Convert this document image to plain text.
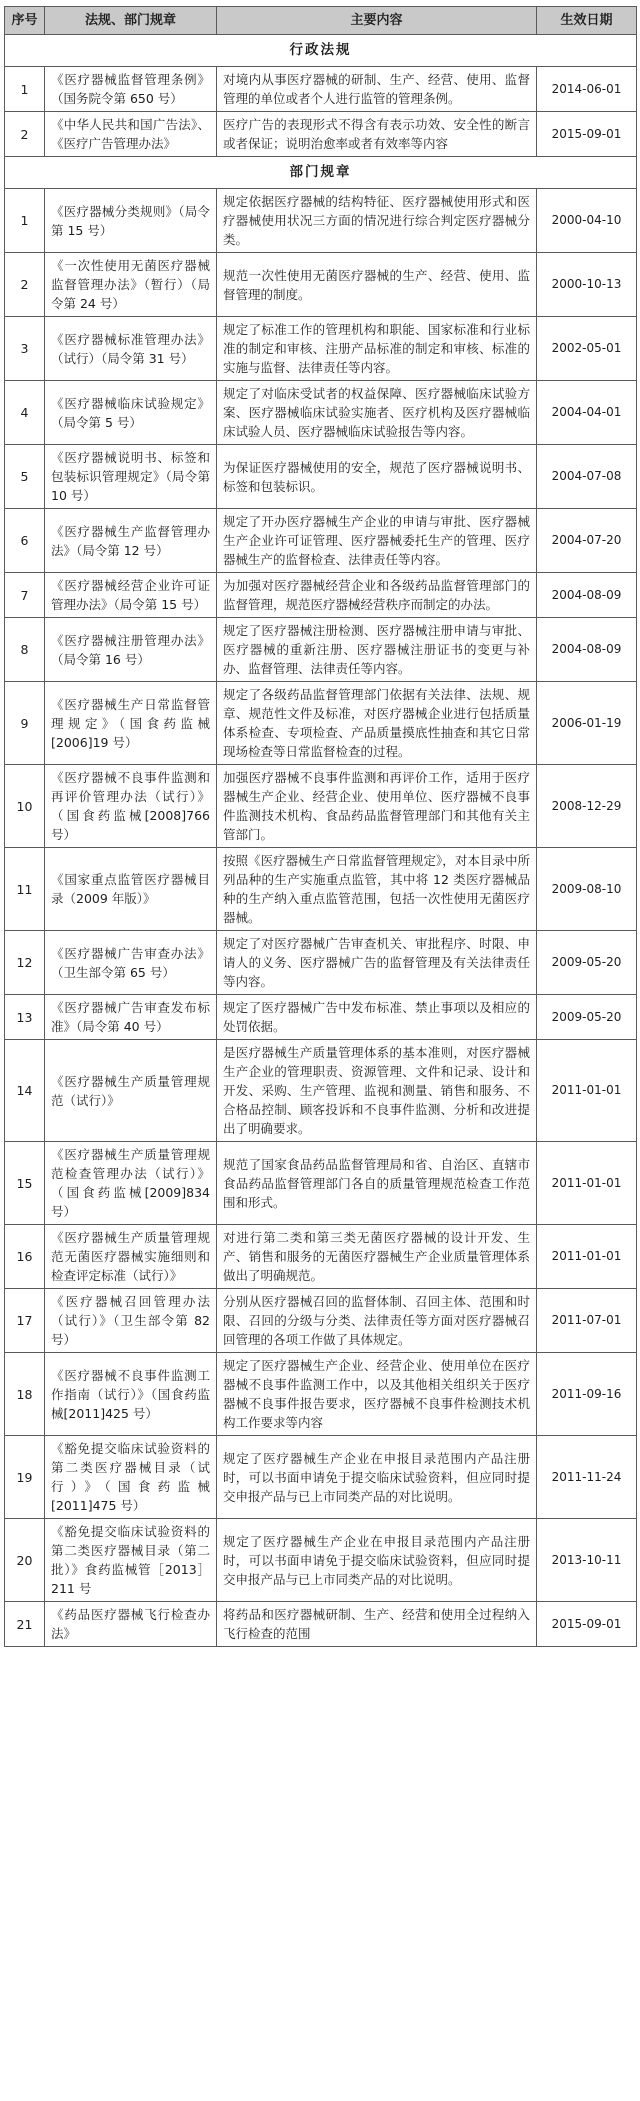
序号	法规、部门规章	主要内容	生效日期
行政法规			
1	《医疗器械监督管理条例》（国务院令第 650 号）	对境内从事医疗器械的研制、生产、经营、使用、监督管理的单位或者个人进行监管的管理条例。	2014-06-01
2	《中华人民共和国广告法》、《医疗广告管理办法》	医疗广告的表现形式不得含有表示功效、安全性的断言或者保证；说明治愈率或者有效率等内容	2015-09-01
部门规章			
1	《医疗器械分类规则》（局令第 15 号）	规定依据医疗器械的结构特征、医疗器械使用形式和医疗器械使用状况三方面的情况进行综合判定医疗器械分类。	2000-04-10
2	《一次性使用无菌医疗器械监督管理办法》（暂行）（局令第 24 号）	规范一次性使用无菌医疗器械的生产、经营、使用、监督管理的制度。	2000-10-13
3	《医疗器械标准管理办法》（试行）（局令第 31 号）	规定了标准工作的管理机构和职能、国家标准和行业标准的制定和审核、注册产品标准的制定和审核、标准的实施与监督、法律责任等内容。	2002-05-01
4	《医疗器械临床试验规定》（局令第 5 号）	规定了对临床受试者的权益保障、医疗器械临床试验方案、医疗器械临床试验实施者、医疗机构及医疗器械临床试验人员、医疗器械临床试验报告等内容。	2004-04-01
5	《医疗器械说明书、标签和包装标识管理规定》（局令第 10 号）	为保证医疗器械使用的安全，规范了医疗器械说明书、标签和包装标识。	2004-07-08
6	《医疗器械生产监督管理办法》（局令第 12 号）	规定了开办医疗器械生产企业的申请与审批、医疗器械生产企业许可证管理、医疗器械委托生产的管理、医疗器械生产的监督检查、法律责任等内容。	2004-07-20
7	《医疗器械经营企业许可证管理办法》（局令第 15 号）	为加强对医疗器械经营企业和各级药品监督管理部门的监督管理，规范医疗器械经营秩序而制定的办法。	2004-08-09
8	《医疗器械注册管理办法》（局令第 16 号）	规定了医疗器械注册检测、医疗器械注册申请与审批、医疗器械的重新注册、医疗器械注册证书的变更与补办、监督管理、法律责任等内容。	2004-08-09
9	《医疗器械生产日常监督管理规定》（国食药监械[2006]19 号）	规定了各级药品监督管理部门依据有关法律、法规、规章、规范性文件及标准，对医疗器械企业进行包括质量体系检查、专项检查、产品质量摸底性抽查和其它日常现场检查等日常监督检查的过程。	2006-01-19
10	《医疗器械不良事件监测和再评价管理办法（试行）》（国食药监械[2008]766 号）	加强医疗器械不良事件监测和再评价工作，适用于医疗器械生产企业、经营企业、使用单位、医疗器械不良事件监测技术机构、食品药品监督管理部门和其他有关主管部门。	2008-12-29
11	《国家重点监管医疗器械目录（2009 年版）》	按照《医疗器械生产日常监督管理规定》，对本目录中所列品种的生产实施重点监管，其中将 12 类医疗器械品种的生产纳入重点监管范围，包括一次性使用无菌医疗器械。	2009-08-10
12	《医疗器械广告审查办法》（卫生部令第 65 号）	规定了对医疗器械广告审查机关、审批程序、时限、申请人的义务、医疗器械广告的监督管理及有关法律责任等内容。	2009-05-20
13	《医疗器械广告审查发布标准》（局令第 40 号）	规定了医疗器械广告中发布标准、禁止事项以及相应的处罚依据。	2009-05-20
14	《医疗器械生产质量管理规范（试行）》	是医疗器械生产质量管理体系的基本准则，对医疗器械生产企业的管理职责、资源管理、文件和记录、设计和开发、采购、生产管理、监视和测量、销售和服务、不合格品控制、顾客投诉和不良事件监测、分析和改进提出了明确要求。	2011-01-01
15	《医疗器械生产质量管理规范检查管理办法（试行）》（国食药监械[2009]834 号）	规范了国家食品药品监督管理局和省、自治区、直辖市食品药品监督管理部门各自的质量管理规范检查工作范围和形式。	2011-01-01
16	《医疗器械生产质量管理规范无菌医疗器械实施细则和检查评定标准（试行）》	对进行第二类和第三类无菌医疗器械的设计开发、生产、销售和服务的无菌医疗器械生产企业质量管理体系做出了明确规范。	2011-01-01
17	《医疗器械召回管理办法（试行）》（卫生部令第 82 号）	分别从医疗器械召回的监督体制、召回主体、范围和时限、召回的分级与分类、法律责任等方面对医疗器械召回管理的各项工作做了具体规定。	2011-07-01
18	《医疗器械不良事件监测工作指南（试行）》（国食药监械[2011]425 号）	规定了医疗器械生产企业、经营企业、使用单位在医疗器械不良事件监测工作中，以及其他相关组织关于医疗器械不良事件报告要求，医疗器械不良事件检测技术机构工作要求等内容	2011-09-16
19	《豁免提交临床试验资料的第二类医疗器械目录（试行）》（国食药监械[2011]475 号）	规定了医疗器械生产企业在申报目录范围内产品注册时，可以书面申请免于提交临床试验资料，但应同时提交申报产品与已上市同类产品的对比说明。	2011-11-24
20	《豁免提交临床试验资料的第二类医疗器械目录（第二批）》食药监械管［2013］211 号	规定了医疗器械生产企业在申报目录范围内产品注册时，可以书面申请免于提交临床试验资料，但应同时提交申报产品与已上市同类产品的对比说明。	2013-10-11
21	《药品医疗器械飞行检查办法》	将药品和医疗器械研制、生产、经营和使用全过程纳入飞行检查的范围	2015-09-01
